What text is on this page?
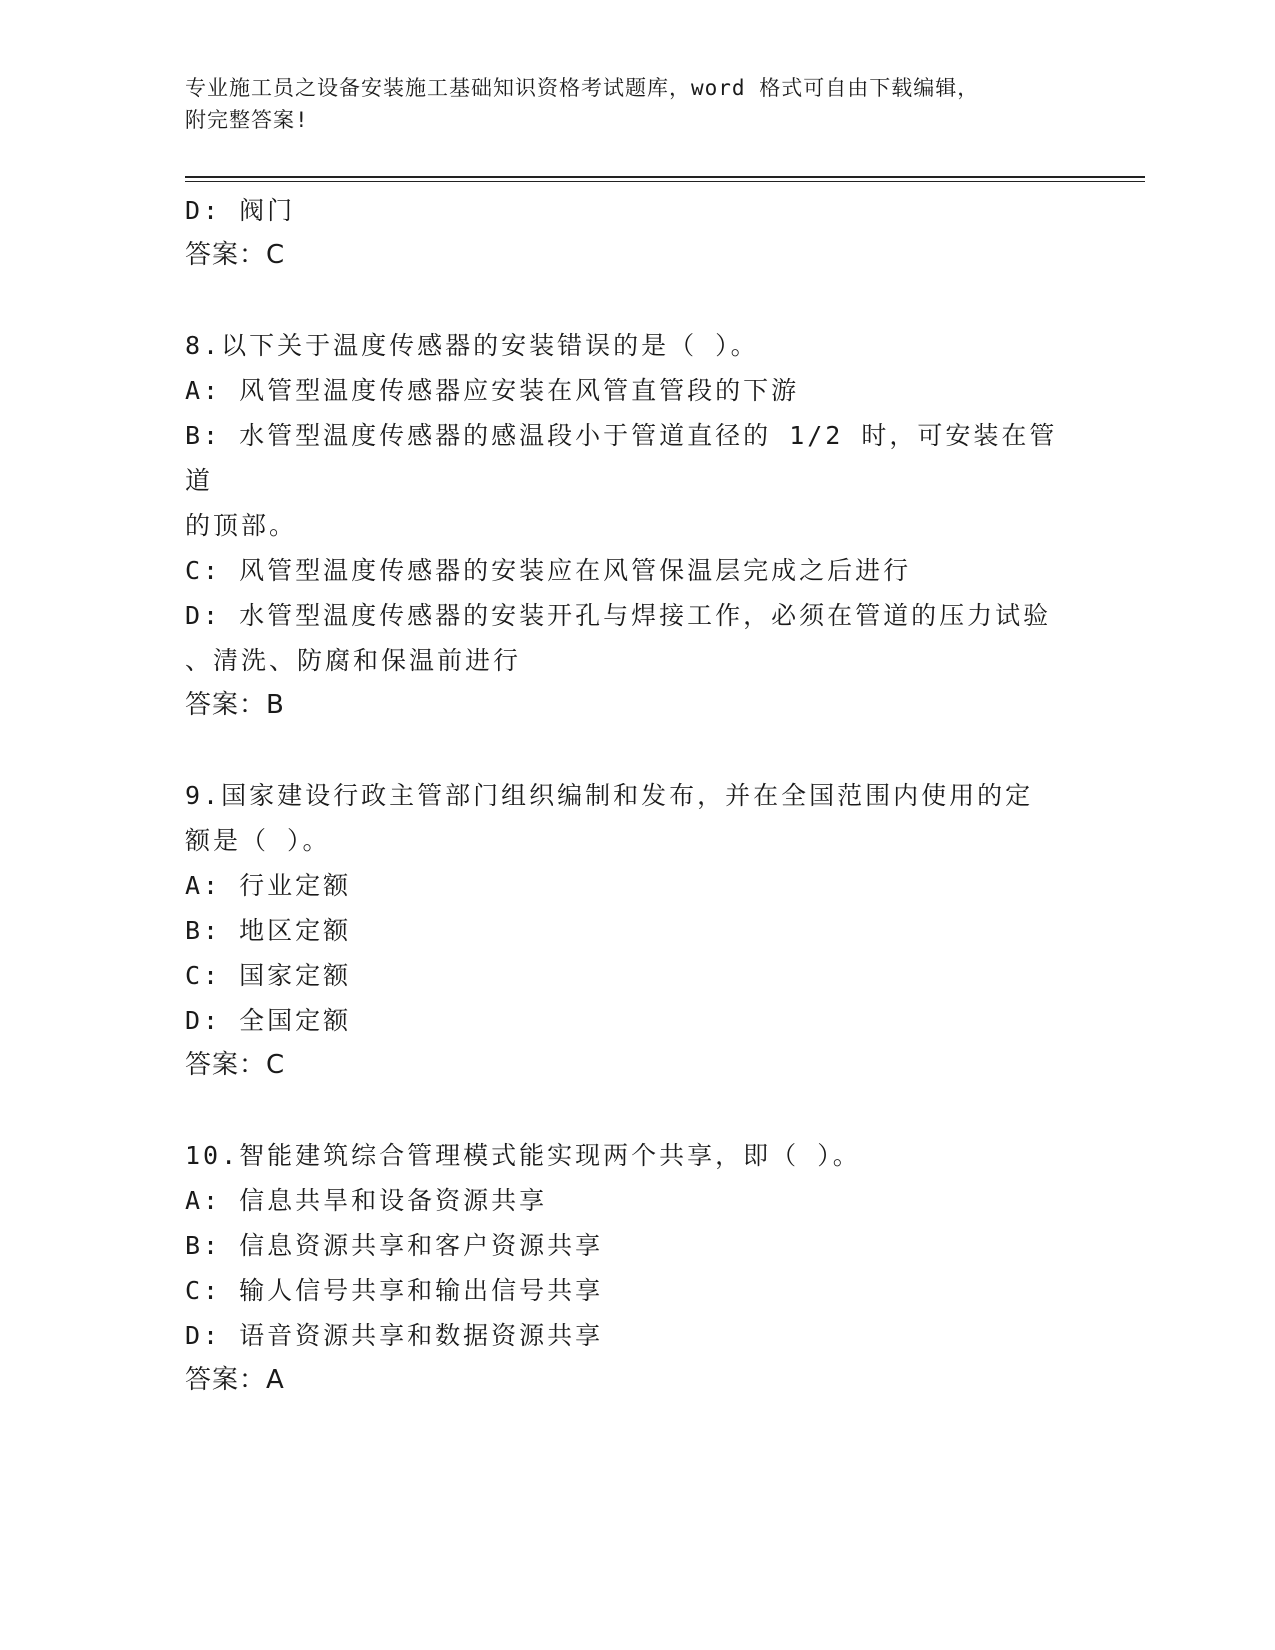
专业施工员之设备安装施工基础知识资格考试题库，word 格式可自由下载编辑，
附完整答案!
D: 阀门
答案：C
8.以下关于温度传感器的安装错误的是（ ）。
A: 风管型温度传感器应安装在风管直管段的下游
B: 水管型温度传感器的感温段小于管道直径的 1/2 时，可安装在管道
的顶部。
C: 风管型温度传感器的安装应在风管保温层完成之后进行
D: 水管型温度传感器的安装开孔与焊接工作，必须在管道的压力试验
、清洗、防腐和保温前进行
答案：B
9.国家建设行政主管部门组织编制和发布，并在全国范围内使用的定
额是（ ）。
A: 行业定额
B: 地区定额
C: 国家定额
D: 全国定额
答案：C
10.智能建筑综合管理模式能实现两个共享，即（ ）。
A: 信息共旱和设备资源共享
B: 信息资源共享和客户资源共享
C: 输人信号共享和输出信号共享
D: 语音资源共享和数据资源共享
答案：A
